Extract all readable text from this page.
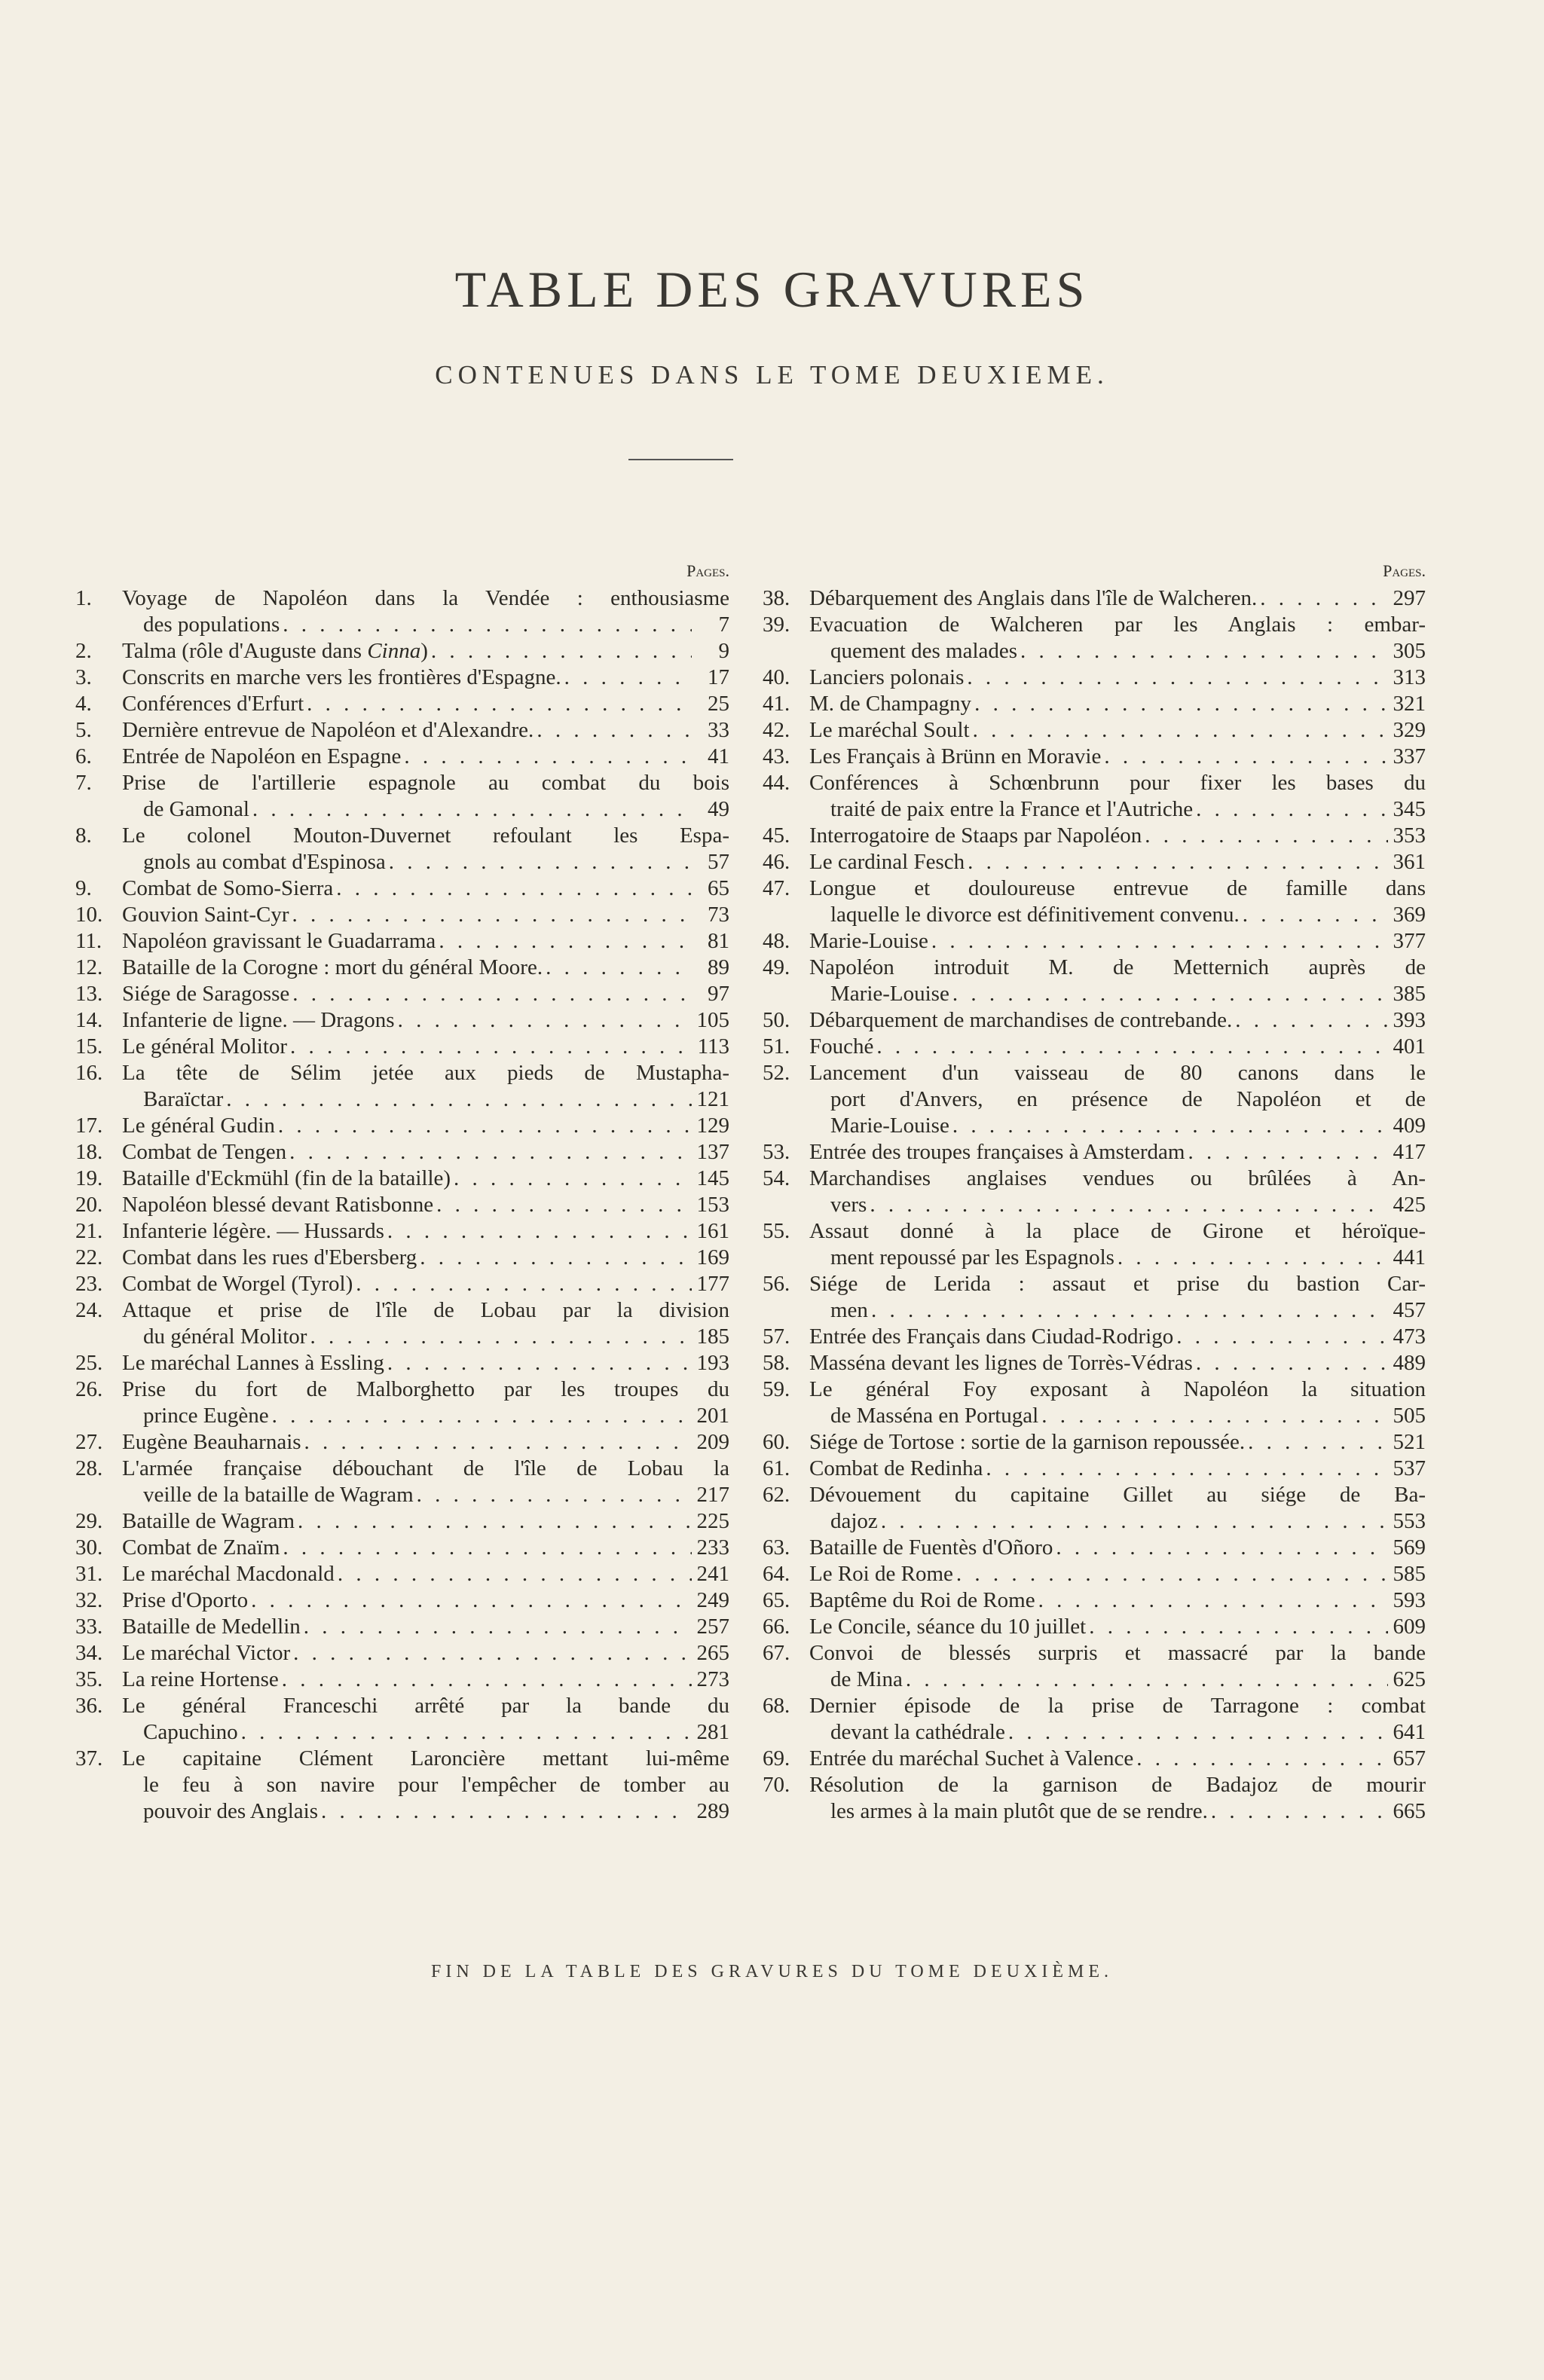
TABLE DES GRAVURES
CONTENUES DANS LE TOME DEUXIEME.
Pages.
1.	Voyage de Napoléon dans la Vendée : enthousiasme
des populations . . .	7
2.	Talma (rôle d'Auguste dans Cinna) . . .	9
3.	Conscrits en marche vers les frontières d'Espagne. . . .	17
4.	Conférences d'Erfurt . . .	25
5.	Dernière entrevue de Napoléon et d'Alexandre. . . .	33
6.	Entrée de Napoléon en Espagne . . .	41
7.	Prise de l'artillerie espagnole au combat du bois
de Gamonal . . .	49
8.	Le colonel Mouton-Duvernet refoulant les Espa-
gnols au combat d'Espinosa . . .	57
9.	Combat de Somo-Sierra . . .	65
10. Gouvion Saint-Cyr . . .	73
11. Napoléon gravissant le Guadarrama . . .	81
12. Bataille de la Corogne : mort du général Moore. . . .	89
13. Siége de Saragosse . . .	97
14. Infanterie de ligne. — Dragons . . .	105
15. Le général Molitor . . .	113
16. La tête de Sélim jetée aux pieds de Mustapha-
Baraïctar . . .	121
17. Le général Gudin . . .	129
18. Combat de Tengen . . .	137
19. Bataille d'Eckmühl (fin de la bataille) . . .	145
20. Napoléon blessé devant Ratisbonne . . .	153
21. Infanterie légère. — Hussards . . .	161
22. Combat dans les rues d'Ebersberg . . .	169
23. Combat de Worgel (Tyrol) . . .	177
24. Attaque et prise de l'île de Lobau par la division
du général Molitor . . .	185
25. Le maréchal Lannes à Essling . . .	193
26. Prise du fort de Malborghetto par les troupes du
prince Eugène . . .	201
27. Eugène Beauharnais . . .	209
28. L'armée française débouchant de l'île de Lobau la
veille de la bataille de Wagram . . .	217
29. Bataille de Wagram . . .	225
30. Combat de Znaïm . . .	233
31. Le maréchal Macdonald . . .	241
32. Prise d'Oporto . . .	249
33. Bataille de Medellin . . .	257
34. Le maréchal Victor . . .	265
35. La reine Hortense . . .	273
36. Le général Franceschi arrêté par la bande du
Capuchino . . .	281
37. Le capitaine Clément Laroncière mettant lui-même
le feu à son navire pour l'empêcher de tomber au
pouvoir des Anglais . . .	289
Pages.
38. Débarquement des Anglais dans l'île de Walcheren. . . .	297
39. Evacuation de Walcheren par les Anglais : embar-
quement des malades . . .	305
40. Lanciers polonais . . .	313
41. M. de Champagny . . .	321
42. Le maréchal Soult . . .	329
43. Les Français à Brünn en Moravie . . .	337
44. Conférences à Schœnbrunn pour fixer les bases du
traité de paix entre la France et l'Autriche . . .	345
45. Interrogatoire de Staaps par Napoléon . . .	353
46. Le cardinal Fesch . . .	361
47. Longue et douloureuse entrevue de famille dans
laquelle le divorce est définitivement convenu. . . .	369
48. Marie-Louise . . .	377
49. Napoléon introduit M. de Metternich auprès de
Marie-Louise . . .	385
50. Débarquement de marchandises de contrebande. . . .	393
51. Fouché . . .	401
52. Lancement d'un vaisseau de 80 canons dans le
port d'Anvers, en présence de Napoléon et de
Marie-Louise . . .	409
53. Entrée des troupes françaises à Amsterdam . . .	417
54. Marchandises anglaises vendues ou brûlées à An-
vers . . .	425
55. Assaut donné à la place de Girone et héroïque-
ment repoussé par les Espagnols . . .	441
56. Siége de Lerida : assaut et prise du bastion Car-
men . . .	457
57. Entrée des Français dans Ciudad-Rodrigo . . .	473
58. Masséna devant les lignes de Torrès-Védras . . .	489
59. Le général Foy exposant à Napoléon la situation
de Masséna en Portugal . . .	505
60. Siége de Tortose : sortie de la garnison repoussée. . . .	521
61. Combat de Redinha . . .	537
62. Dévouement du capitaine Gillet au siége de Ba-
dajoz . . .	553
63. Bataille de Fuentès d'Oñoro . . .	569
64. Le Roi de Rome . . .	585
65. Baptême du Roi de Rome . . .	593
66. Le Concile, séance du 10 juillet . . .	609
67. Convoi de blessés surpris et massacré par la bande
de Mina . . .	625
68. Dernier épisode de la prise de Tarragone : combat
devant la cathédrale . . .	641
69. Entrée du maréchal Suchet à Valence . . .	657
70. Résolution de la garnison de Badajoz de mourir
les armes à la main plutôt que de se rendre. . . .	665
FIN DE LA TABLE DES GRAVURES DU TOME DEUXIÈME.
